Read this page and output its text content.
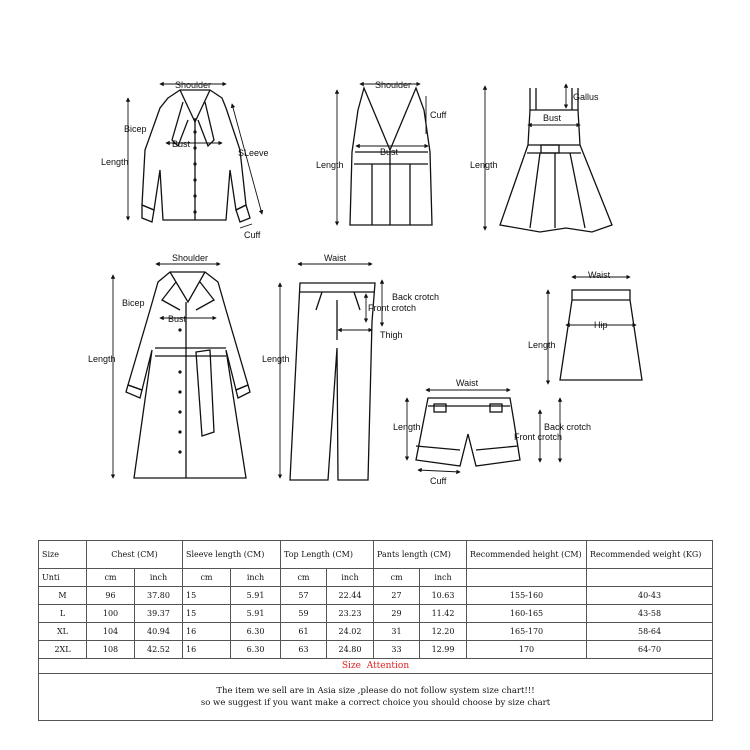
Shoulder
Bicep
Bust
Length
SLeeve
Cuff
Shoulder
Cuff
Bust
Length
Gallus
Bust
Length
Shoulder
Bicep
Bust
Length
Waist
Back crotch
Front crotch
Thigh
Length
Waist
Hip
Length
Waist
Length	Back crotch
Front crotch
Cuff
Size	Chest (CM)		Sleeve length (CM)		Top Length (CM)		Pants length (CM)		Recommended height (CM)	Recommended weight (KG)
Unti	cm	inch	cm	inch	cm	inch	cm	inch		
M	96	37.80	15	5.91	57	22.44	27	10.63	155-160	40-43
L	100	39.37	15	5.91	59	23.23	29	11.42	160-165	43-58
XL	104	40.94	16	6.30	61	24.02	31	12.20	165-170	58-64
2XL	108	42.52	16	6.30	63	24.80	33	12.99	170	64-70
Size  Attention										

The item we sell are in Asia size ,please do not follow system size chart!!!
so we suggest if you want make a correct choice you should choose by size chart										
